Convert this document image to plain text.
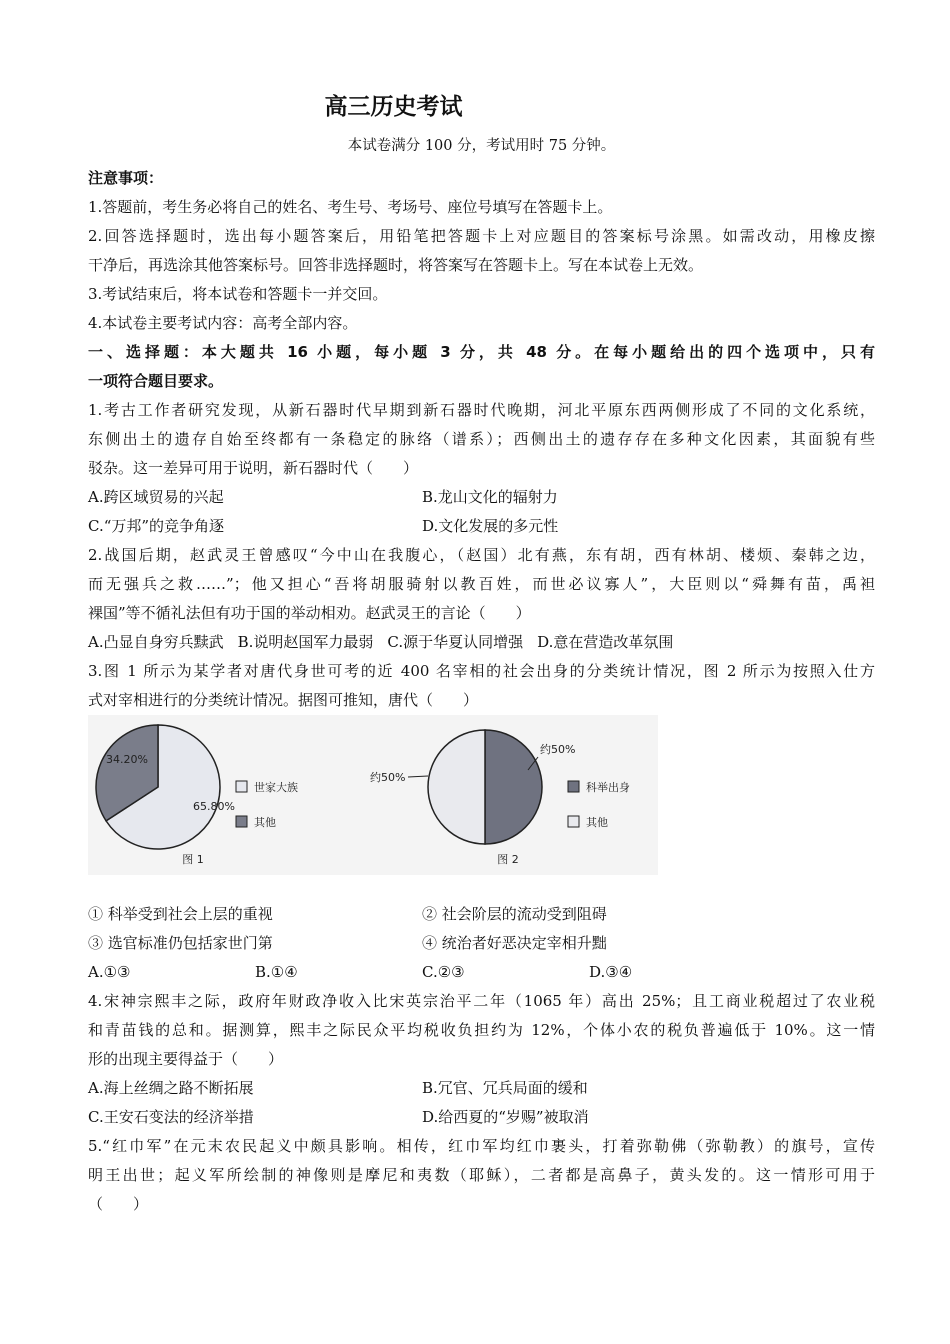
高三历史考试
本试卷满分 100 分，考试用时 75 分钟。
注意事项：
1.答题前，考生务必将自己的姓名、考生号、考场号、座位号填写在答题卡上。
2.回答选择题时，选出每小题答案后，用铅笔把答题卡上对应题目的答案标号涂黑。如需改动，用橡皮擦
干净后，再选涂其他答案标号。回答非选择题时，将答案写在答题卡上。写在本试卷上无效。
3.考试结束后，将本试卷和答题卡一并交回。
4.本试卷主要考试内容：高考全部内容。
一、选择题：本大题共 16 小题，每小题 3 分，共 48 分。在每小题给出的四个选项中，只有
一项符合题目要求。
1.考古工作者研究发现，从新石器时代早期到新石器时代晚期，河北平原东西两侧形成了不同的文化系统，
东侧出土的遗存自始至终都有一条稳定的脉络（谱系）；西侧出土的遗存存在多种文化因素，其面貌有些
驳杂。这一差异可用于说明，新石器时代（　　）
A.跨区域贸易的兴起	B.龙山文化的辐射力
C.“万邦”的竞争角逐	D.文化发展的多元性
2.战国后期，赵武灵王曾感叹“今中山在我腹心，（赵国）北有燕，东有胡，西有林胡、楼烦、秦韩之边，
而无强兵之救……”；他又担心“吾将胡服骑射以教百姓，而世必议寡人”，大臣则以“舜舞有苗，禹袒
裸国”等不循礼法但有功于国的举动相劝。赵武灵王的言论（　　）
A.凸显自身穷兵黩武 B.说明赵国军力最弱 C.源于华夏认同增强 D.意在营造改革氛围
3.图 1 所示为某学者对唐代身世可考的近 400 名宰相的社会出身的分类统计情况，图 2 所示为按照入仕方
式对宰相进行的分类统计情况。据图可推知，唐代（　　）
65.80%
34.20%
世家大族
其他
图 1
约50%
约50%
科举出身
其他
图 2
① 科举受到社会上层的重视	② 社会阶层的流动受到阻碍
③ 选官标准仍包括家世门第	④ 统治者好恶决定宰相升黜
A.①③	B.①④	C.②③	D.③④
4.宋神宗熙丰之际，政府年财政净收入比宋英宗治平二年（1065 年）高出 25%；且工商业税超过了农业税
和青苗钱的总和。据测算，熙丰之际民众平均税收负担约为 12%，个体小农的税负普遍低于 10%。这一情
形的出现主要得益于（　　）
A.海上丝绸之路不断拓展	B.冗官、冗兵局面的缓和
C.王安石变法的经济举措	D.给西夏的“岁赐”被取消
5.“红巾军”在元末农民起义中颇具影响。相传，红巾军均红巾裹头，打着弥勒佛（弥勒教）的旗号，宣传
明王出世；起义军所绘制的神像则是摩尼和夷数（耶稣），二者都是高鼻子，黄头发的。这一情形可用于
（　　）
